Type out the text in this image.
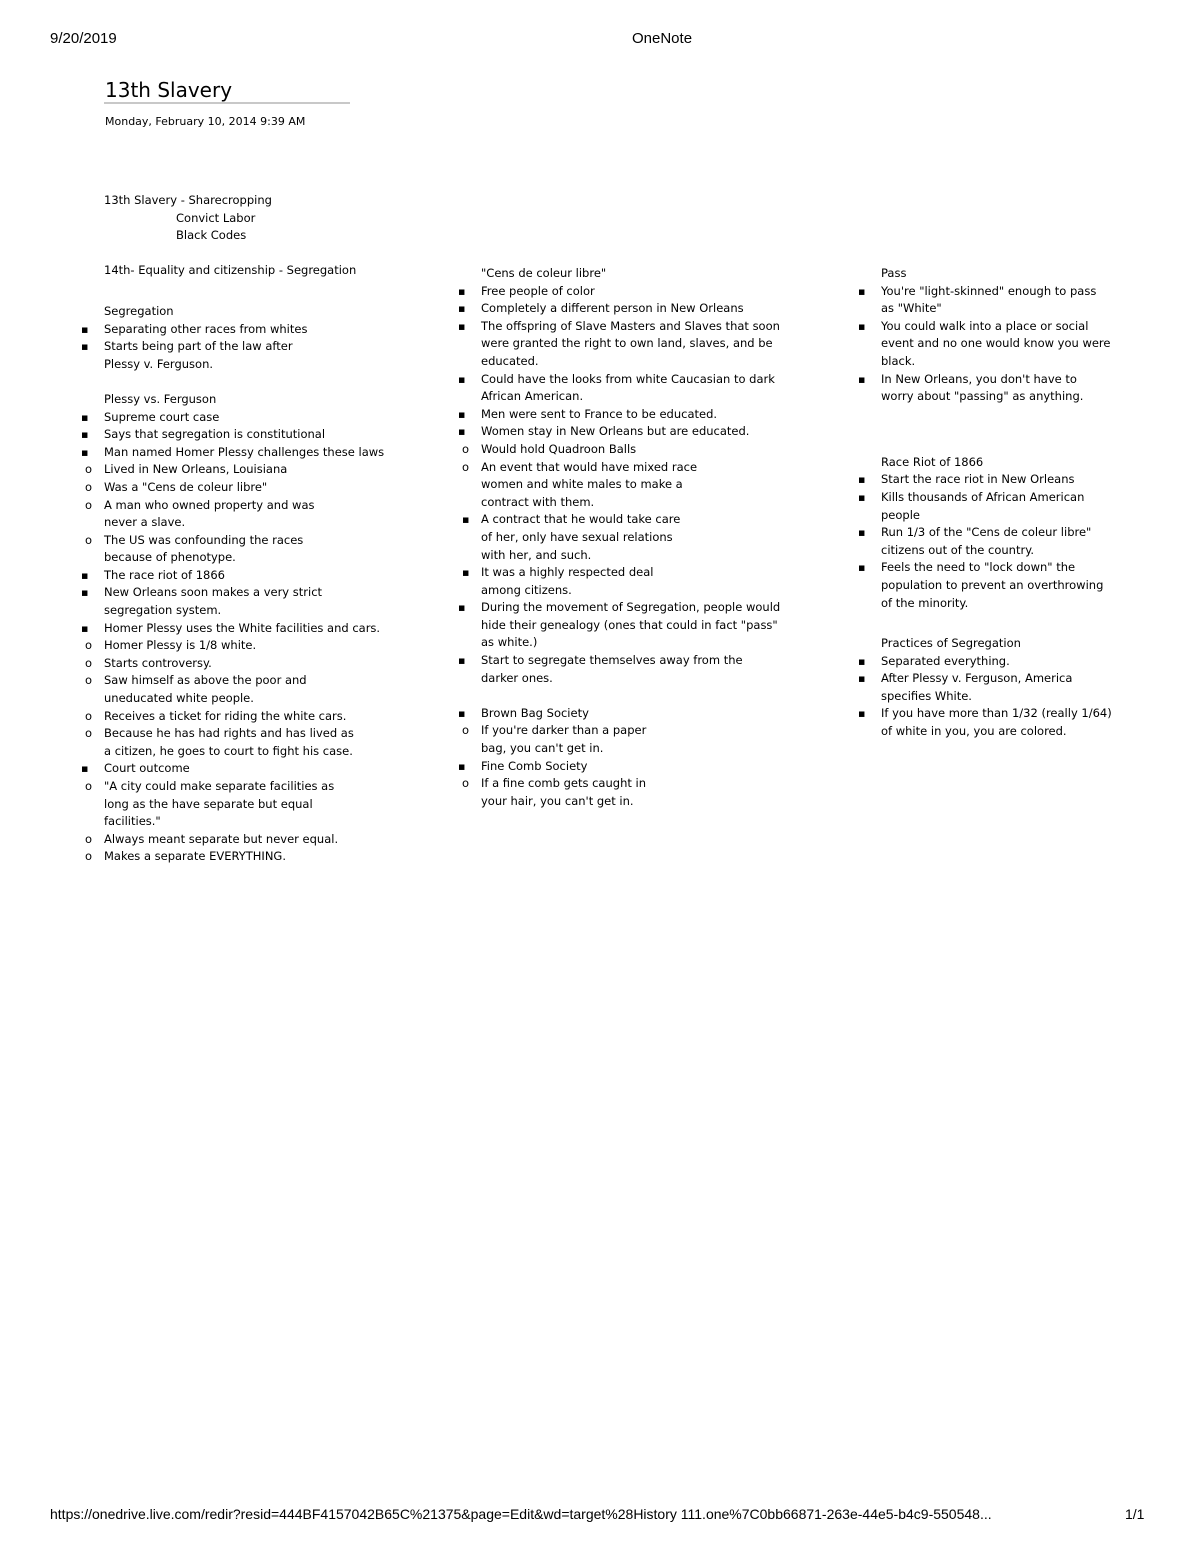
9/20/2019	OneNote
13th Slavery
Monday, February 10, 2014 9:39 AM
13th Slavery - Sharecropping
Convict Labor
Black Codes
14th- Equality and citizenship - Segregation
Segregation
▪ Separating other races from whites
▪ Starts being part of the law after Plessy v. Ferguson.
Plessy vs. Ferguson
▪ Supreme court case
▪ Says that segregation is constitutional
▪ Man named Homer Plessy challenges these laws
o Lived in New Orleans, Louisiana
o Was a "Cens de coleur libre"
o A man who owned property and was never a slave.
o The US was confounding the races because of phenotype.
▪ The race riot of 1866
▪ New Orleans soon makes a very strict segregation system.
▪ Homer Plessy uses the White facilities and cars.
o Homer Plessy is 1/8 white.
o Starts controversy.
o Saw himself as above the poor and uneducated white people.
o Receives a ticket for riding the white cars.
o Because he has had rights and has lived as a citizen, he goes to court to fight his case.
▪ Court outcome
o "A city could make separate facilities as long as the have separate but equal facilities."
o Always meant separate but never equal.
o Makes a separate EVERYTHING.
"Cens de coleur libre"
▪ Free people of color
▪ Completely a different person in New Orleans
▪ The offspring of Slave Masters and Slaves that soon were granted the right to own land, slaves, and be educated.
▪ Could have the looks from white Caucasian to dark African American.
▪ Men were sent to France to be educated.
▪ Women stay in New Orleans but are educated.
o Would hold Quadroon Balls
o An event that would have mixed race women and white males to make a contract with them.
▪ A contract that he would take care of her, only have sexual relations with her, and such.
▪ It was a highly respected deal among citizens.
▪ During the movement of Segregation, people would hide their genealogy (ones that could in fact "pass" as white.)
▪ Start to segregate themselves away from the darker ones.
▪ Brown Bag Society
o If you're darker than a paper bag, you can't get in.
▪ Fine Comb Society
o If a fine comb gets caught in your hair, you can't get in.
Pass
▪ You're "light-skinned" enough to pass as "White"
▪ You could walk into a place or social event and no one would know you were black.
▪ In New Orleans, you don't have to worry about "passing" as anything.
Race Riot of 1866
▪ Start the race riot in New Orleans
▪ Kills thousands of African American people
▪ Run 1/3 of the "Cens de coleur libre" citizens out of the country.
▪ Feels the need to "lock down" the population to prevent an overthrowing of the minority.
Practices of Segregation
▪ Separated everything.
▪ After Plessy v. Ferguson, America specifies White.
▪ If you have more than 1/32 (really 1/64) of white in you, you are colored.
https://onedrive.live.com/redir?resid=444BF4157042B65C%21375&page=Edit&wd=target%28History 111.one%7C0bb66871-263e-44e5-b4c9-550548...	1/1
